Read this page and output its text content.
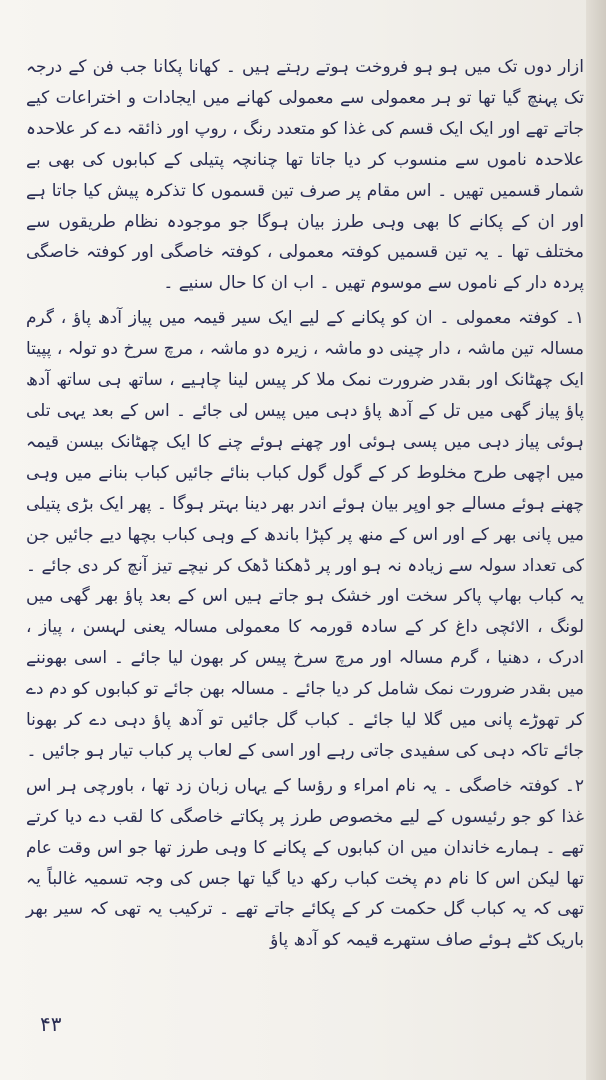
ازار دوں تک میں ہو ہو فروخت ہوتے رہتے ہیں ۔ کھانا پکانا جب فن کے درجہ تک پہنچ گیا تھا تو ہر معمولی سے معمولی کھانے میں ایجادات و اختراعات کیے جاتے تھے اور ایک ایک قسم کی غذا کو متعدد رنگ ، روپ اور ذائقہ دے کر علاحدہ علاحدہ ناموں سے منسوب کر دیا جاتا تھا چنانچہ پتیلی کے کبابوں کی بھی بے شمار قسمیں تھیں ۔ اس مقام پر صرف تین قسموں کا تذکرہ پیش کیا جاتا ہے اور ان کے پکانے کا بھی وہی طرز بیان ہوگا جو موجودہ نظام طریقوں سے مختلف تھا ۔ یہ تین قسمیں کوفتہ معمولی ، کوفتہ خاصگی اور کوفتہ خاصگی پردہ دار کے ناموں سے موسوم تھیں ۔ اب ان کا حال سنیے ۔

۱۔ کوفتہ معمولی ۔ ان کو پکانے کے لیے ایک سیر قیمہ میں پیاز آدھ پاؤ ، گرم مسالہ تین ماشہ ، دار چینی دو ماشہ ، زیرہ دو ماشہ ، مرچ سرخ دو تولہ ، پپیتا ایک چھٹانک اور بقدر ضرورت نمک ملا کر پیس لینا چاہیے ، ساتھ ہی ساتھ آدھ پاؤ پیاز گھی میں تل کے آدھ پاؤ دہی میں پیس لی جائے ۔ اس کے بعد یہی تلی ہوئی پیاز دہی میں پسی ہوئی اور چھنے ہوئے چنے کا ایک چھٹانک بیسن قیمہ میں اچھی طرح مخلوط کر کے گول گول کباب بنائے جائیں کباب بنانے میں وہی چھنے ہوئے مسالے جو اوپر بیان ہوئے اندر بھر دینا بہتر ہوگا ۔ پھر ایک بڑی پتیلی میں پانی بھر کے اور اس کے منھ پر کپڑا باندھ کے وہی کباب بچھا دیے جائیں جن کی تعداد سولہ سے زیادہ نہ ہو اور پر ڈھکنا ڈھک کر نیچے تیز آنچ کر دی جائے ۔ یہ کباب بھاپ پاکر سخت اور خشک ہو جاتے ہیں اس کے بعد پاؤ بھر گھی میں لونگ ، الائچی داغ کر کے سادہ قورمہ کا معمولی مسالہ یعنی لہسن ، پیاز ، ادرک ، دھنیا ، گرم مسالہ اور مرچ سرخ پیس کر بھون لیا جائے ۔ اسی بھوننے میں بقدر ضرورت نمک شامل کر دیا جائے ۔ مسالہ بھن جائے تو کبابوں کو دم دے کر تھوڑے پانی میں گلا لیا جائے ۔ کباب گل جائیں تو آدھ پاؤ دہی دے کر بھونا جائے تاکہ دہی کی سفیدی جاتی رہے اور اسی کے لعاب پر کباب تیار ہو جائیں ۔

۲۔ کوفتہ خاصگی ۔ یہ نام امراء و رؤسا کے یہاں زبان زد تھا ، باورچی ہر اس غذا کو جو رئیسوں کے لیے مخصوص طرز پر پکاتے خاصگی کا لقب دے دیا کرتے تھے ۔ ہمارے خاندان میں ان کبابوں کے پکانے کا وہی طرز تھا جو اس وقت عام تھا لیکن اس کا نام دم پخت کباب رکھ دیا گیا تھا جس کی وجہ تسمیہ غالباً یہ تھی کہ یہ کباب گل حکمت کر کے پکائے جاتے تھے ۔ ترکیب یہ تھی کہ سیر بھر باریک کٹے ہوئے صاف ستھرے قیمہ کو آدھ پاؤ

۴۳
